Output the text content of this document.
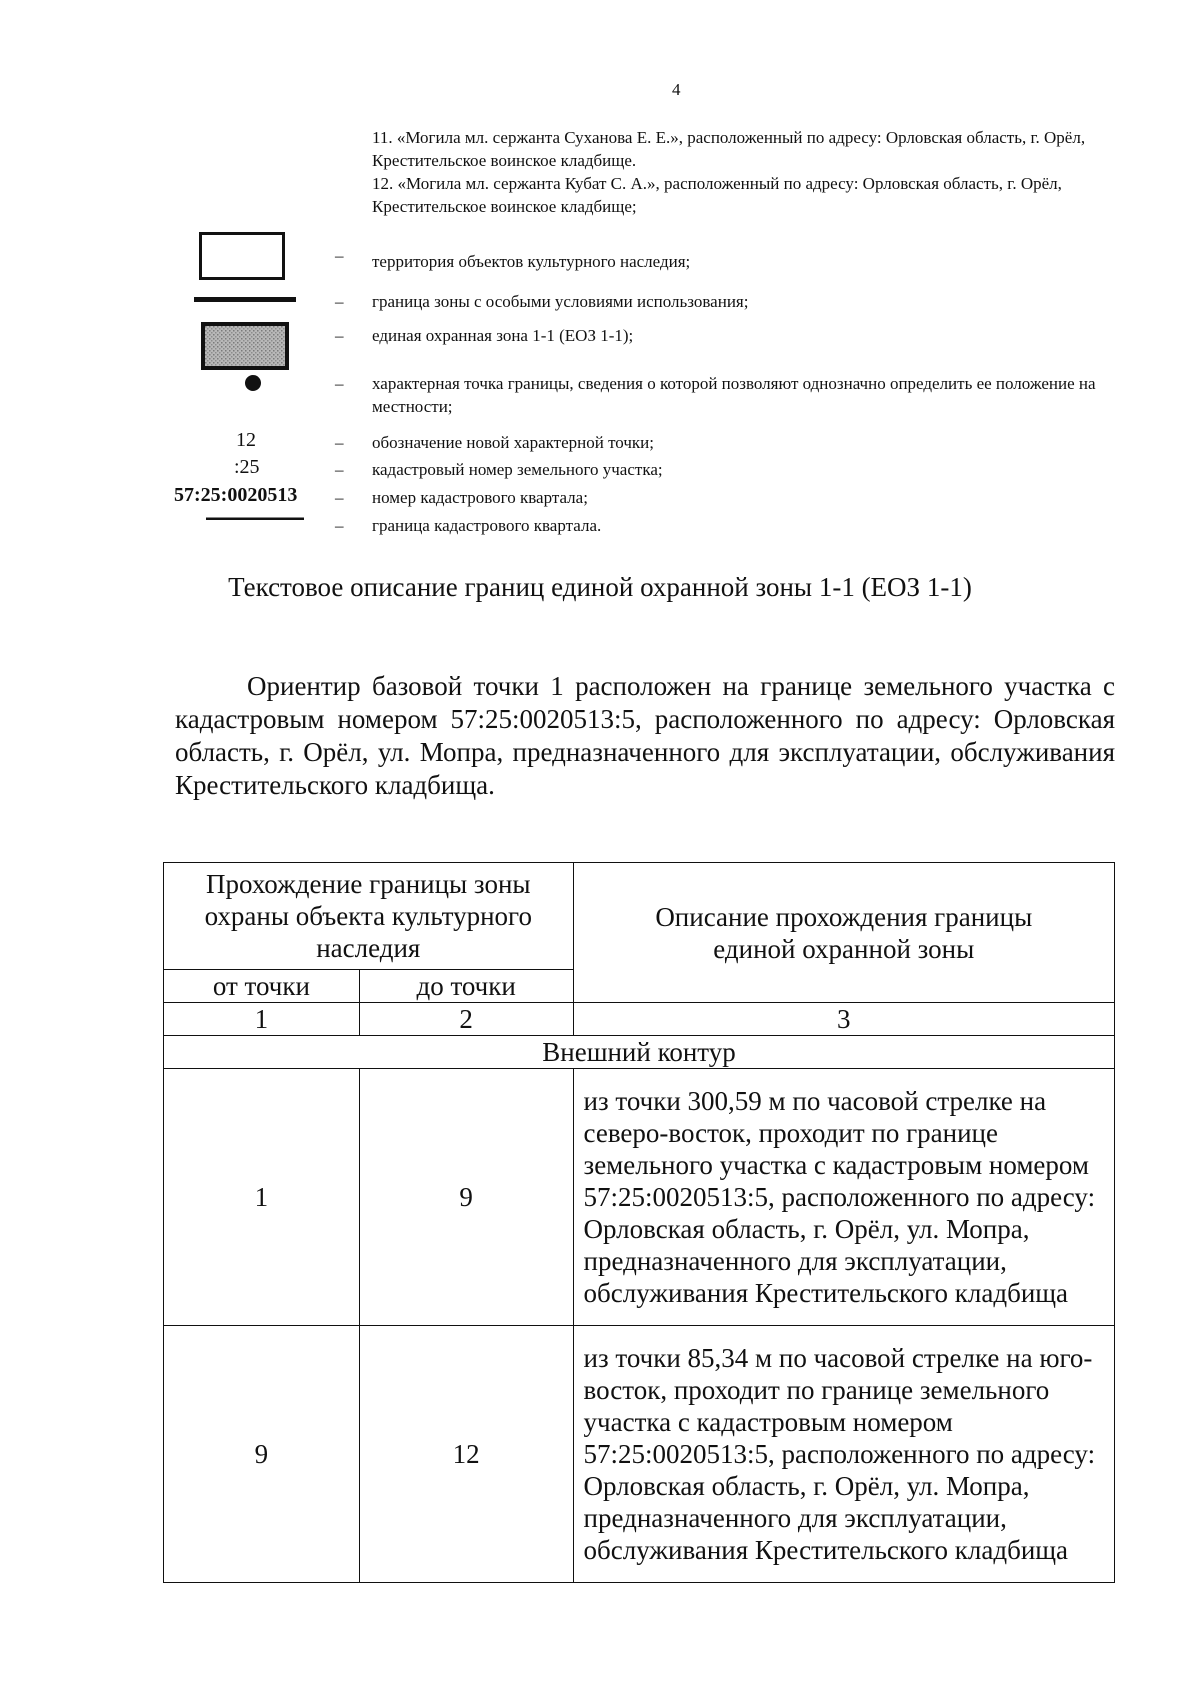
4

11. «Могила мл. сержанта Суханова Е. Е.», расположенный по адресу: Орловская область, г. Орёл, Крестительское воинское кладбище.

12. «Могила мл. сержанта Кубат С. А.», расположенный по адресу: Орловская область, г. Орёл, Крестительское воинское кладбище;

– территория объектов культурного наследия;
– граница зоны с особыми условиями использования;
– единая охранная зона 1-1 (ЕОЗ 1-1);
– характерная точка границы, сведения о которой позволяют однозначно определить ее положение на местности;
12	– обозначение новой характерной точки;
:25	– кадастровый номер земельного участка;
57:25:0020513 – номер кадастрового квартала;
– граница кадастрового квартала.
Текстовое описание границ единой охранной зоны 1-1 (ЕОЗ 1-1)

Ориентир базовой точки 1 расположен на границе земельного участка с кадастровым номером 57:25:0020513:5, расположенного по адресу: Орловская область, г. Орёл, ул. Мопра, предназначенного для эксплуатации, обслуживания Крестительского кладбища.

Прохождение границы зоны охраны объекта культурного наследия		Описание прохождения границы единой охранной зоны
от точки	до точки	
1	2	3
Внешний контур		
1	9	из точки 300,59 м по часовой стрелке на северо-восток, проходит по границе земельного участка с кадастровым номером 57:25:0020513:5, расположенного по адресу: Орловская область, г. Орёл, ул. Мопра, предназначенного для эксплуатации, обслуживания Крестительского кладбища
9	12	из точки 85,34 м по часовой стрелке на юго-восток, проходит по границе земельного участка с кадастровым номером 57:25:0020513:5, расположенного по адресу: Орловская область, г. Орёл, ул. Мопра, предназначенного для эксплуатации, обслуживания Крестительского кладбища
